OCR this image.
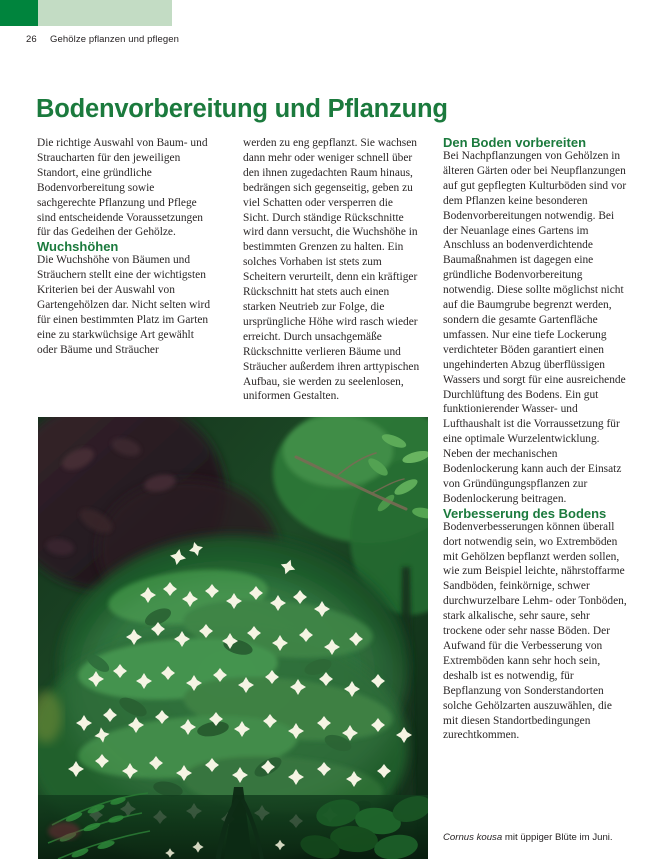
26 Gehölze pflanzen und pflegen
Bodenvorbereitung und Pflanzung

Die richtige Auswahl von Baum- und Straucharten für den jeweiligen Standort, eine gründliche Bodenvorbereitung sowie sachgerechte Pflanzung und Pflege sind entscheidende Voraussetzungen für das Gedeihen der Gehölze.

Wuchshöhen

Die Wuchshöhe von Bäumen und Sträuchern stellt eine der wichtigsten Kriterien bei der Auswahl von Gartengehölzen dar. Nicht selten wird für einen bestimmten Platz im Garten eine zu starkwüchsige Art gewählt oder Bäume und Sträucher

werden zu eng gepflanzt. Sie wachsen dann mehr oder weniger schnell über den ihnen zugedachten Raum hinaus, bedrängen sich gegenseitig, geben zu viel Schatten oder versperren die Sicht. Durch ständige Rückschnitte wird dann versucht, die Wuchshöhe in bestimmten Grenzen zu halten. Ein solches Vorhaben ist stets zum Scheitern verurteilt, denn ein kräftiger Rückschnitt hat stets auch einen starken Neutrieb zur Folge, die ursprüngliche Höhe wird rasch wieder erreicht. Durch unsachgemäße Rückschnitte verlieren Bäume und Sträucher außerdem ihren arttypischen Aufbau, sie werden zu seelenlosen, uniformen Gestalten.

Den Boden vorbereiten

Bei Nachpflanzungen von Gehölzen in älteren Gärten oder bei Neupflanzungen auf gut gepflegten Kulturböden sind vor dem Pflanzen keine besonderen Bodenvorbereitungen notwendig. Bei der Neuanlage eines Gartens im Anschluss an bodenverdichtende Baumaßnahmen ist dagegen eine gründliche Bodenvorbereitung notwendig. Diese sollte möglichst nicht auf die Baumgrube begrenzt werden, sondern die gesamte Gartenfläche umfassen. Nur eine tiefe Lockerung verdichteter Böden garantiert einen ungehinderten Abzug überflüssigen Wassers und sorgt für eine ausreichende Durchlüftung des Bodens. Ein gut funktionierender Wasser- und Lufthaushalt ist die Vorraussetzung für eine optimale Wurzelentwicklung. Neben der mechanischen Bodenlockerung kann auch der Einsatz von Gründüngungspflanzen zur Bodenlockerung beitragen.

Verbesserung des Bodens

Bodenverbesserungen können überall dort notwendig sein, wo Extremböden mit Gehölzen bepflanzt werden sollen, wie zum Beispiel leichte, nährstoffarme Sandböden, feinkörnige, schwer durchwurzelbare Lehm- oder Tonböden, stark alkalische, sehr saure, sehr trockene oder sehr nasse Böden. Der Aufwand für die Verbesserung von Extremböden kann sehr hoch sein, deshalb ist es notwendig, für Bepflanzung von Sonderstandorten solche Gehölzarten auszuwählen, die mit diesen Standortbedingungen zurechtkommen.

Cornus kousa mit üppiger Blüte im Juni.
